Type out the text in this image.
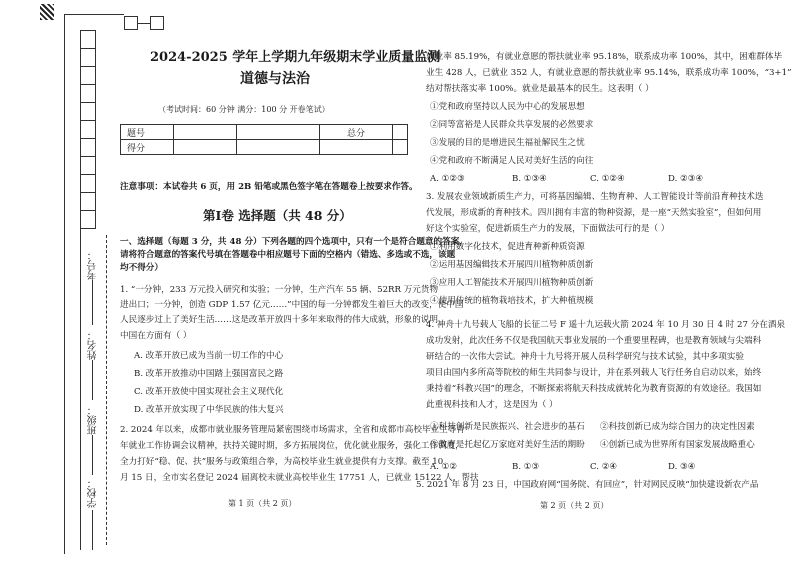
考号：
姓名：
班级：
学校：
2024-2025 学年上学期九年级期末学业质量监测
道德与法治
（考试时间：60 分钟 满分：100 分 开卷笔试）
题号			总分	
得分				
注意事项：本试卷共 6 页，用 2B 铅笔或黑色签字笔在答题卷上按要求作答。
第Ⅰ卷 选择题（共 48 分）
一、选择题（每题 3 分，共 48 分）下列各题的四个选项中，只有一个是符合题意的答案，
请将符合题意的答案代号填在答题卷中相应题号下面的空格内（错选、多选或不选，该题
均不得分）
1. “一分钟，233 万元投入研究和实验；一分钟，生产汽车 55 辆、52RR 万元货物
进出口；一分钟，创造 GDP 1.57 亿元……”中国的每一分钟都发生着巨大的改变，使中国
人民逐步过上了美好生活……这是改革开放四十多年来取得的伟大成就，形象的说明
中国在方面有（ ）
A. 改革开放已成为当前一切工作的中心
B. 改革开放推动中国踏上强国富民之路
C. 改革开放使中国实现社会主义现代化
D. 改革开放实现了中华民族的伟大复兴
2. 2024 年以来，成都市就业服务管理局紧密围绕市场需求，全省和成都市高校毕业生等青
年就业工作协调会议精神，扶持关键时期，多方拓展岗位，优化就业服务，强化工作调度，
全力打好“稳、促、扶”服务与政策组合拳，为高校毕业生就业提供有力支撑。截至 10
月 15 日，全市实名登记 2024 届离校未就业高校毕业生 17751 人，已就业 15122 人，帮扶
第 1 页（共 2 页）
就业率 85.19%，有就业意愿的帮扶就业率 95.18%，联系成功率 100%，其中，困难群体毕
业生 428 人，已就业 352 人，有就业意愿的帮扶就业率 95.14%，联系成功率 100%，“3+1”
结对帮扶落实率 100%。就业是最基本的民生。这表明（ ）
①党和政府坚持以人民为中心的发展思想
②同等富裕是人民群众共享发展的必然要求
③发展的目的是增进民生福祉解民生之忧
④党和政府不断满足人民对美好生活的向往
A. ①②③	B. ①③④	C. ①②④	D. ②③④
3. 发展农业领域新质生产力，可将基因编辑、生物育种、人工智能设计等前沿育种技术迭
代发展，形成新的育种技术。四川拥有丰富的物种资源，是一座“天然实验室”，但如何用
好这个实验室，促进新质生产力的发展，下面做法可行的是（ ）
①利用数字化技术，促进育种新种质资源
②运用基因编辑技术开展四川植物种质创新
③应用人工智能技术开展四川植物种质创新
④使用传统的植物栽培技术，扩大种植规模
4. 神舟十九号载人飞船的长征二号 F 遥十九运载火箭 2024 年 10 月 30 日 4 时 27 分在酒泉
成功发射，此次任务不仅是我国航天事业发展的一个重要里程碑，也是教育领域与尖端科
研结合的一次伟大尝试。神舟十九号将开展人员科学研究与技术试验，其中多项实验
项目由国内多所高等院校的师生共同参与设计，并在系列载人飞行任务自启动以来，始终
秉持着“科教兴国”的理念，不断探索将航天科技成就转化为教育资源的有效途径。我国如
此重视科技和人才，这是因为（ ）
①科技创新是民族振兴、社会进步的基石 ②科技创新已成为综合国力的决定性因素
③教育是托起亿万家庭对美好生活的期盼 ④创新已成为世界所有国家发展战略重心
A. ①②	B. ①③	C. ②④	D. ③④
5. 2021 年 8 月 23 日，中国政府网“国务院、有回应”，针对网民反映“加快建设新农产品
第 2 页（共 2 页）
